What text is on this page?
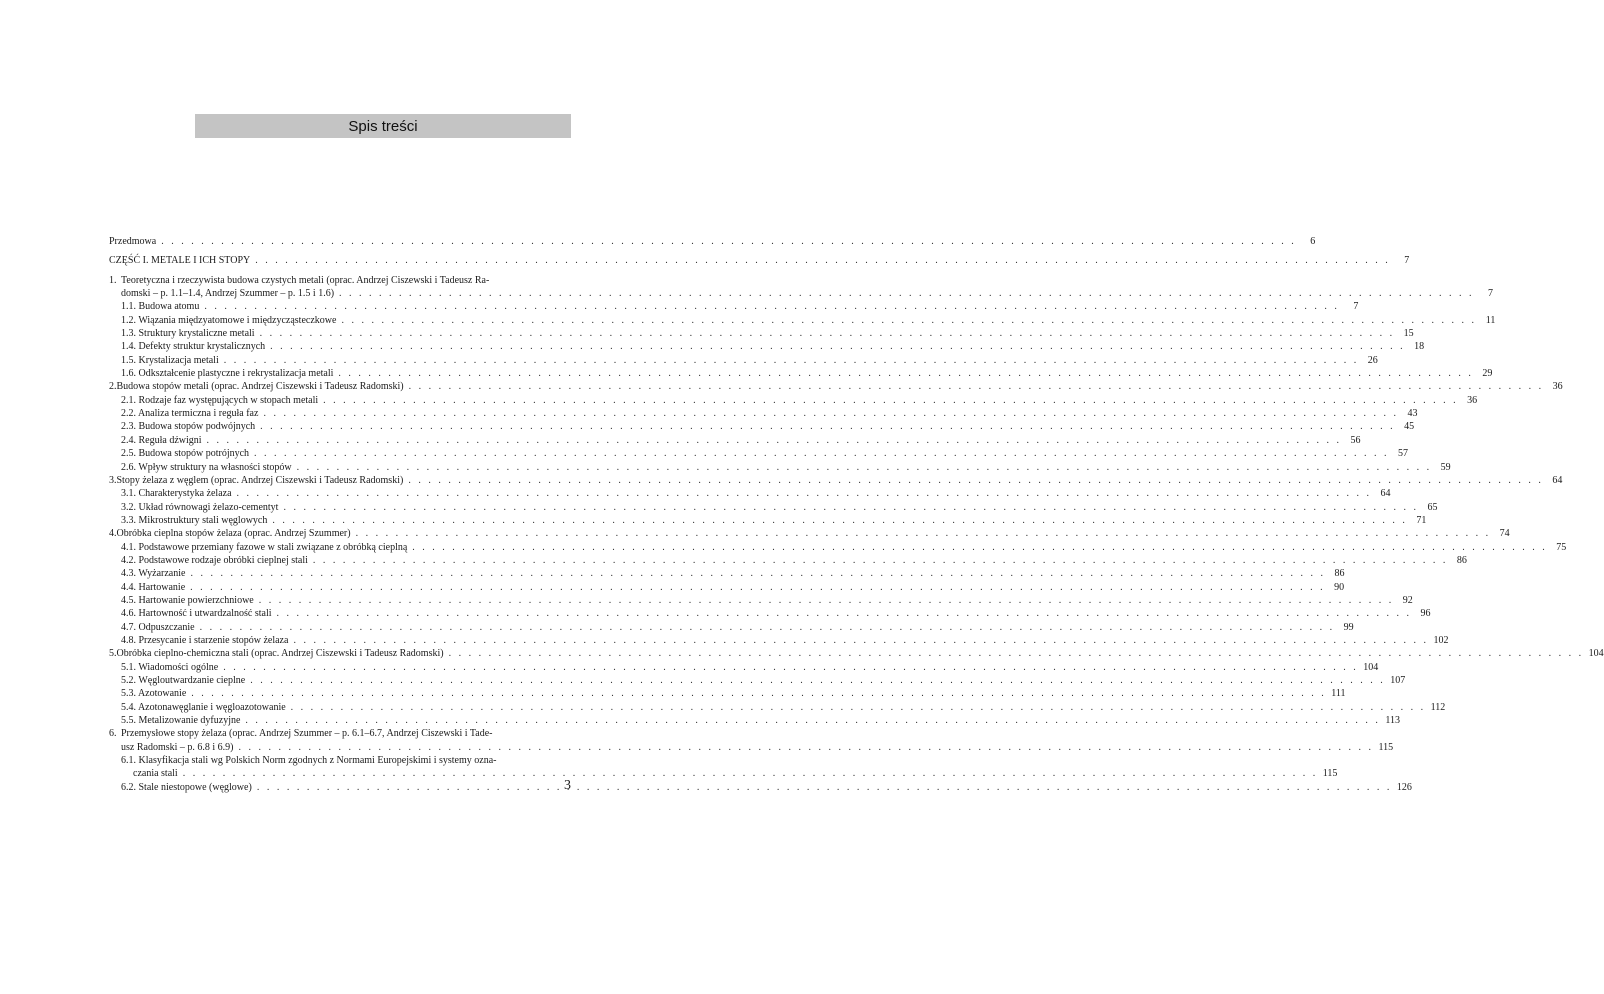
Spis treści
Przedmowa . . .	6
CZĘŚĆ I. METALE I ICH STOPY . . .	7
1. Teoretyczna i rzeczywista budowa czystych metali (oprac. Andrzej Ciszewski i Tadeusz Ra-
domski – p. 1.1–1.4, Andrzej Szummer – p. 1.5 i 1.6) . . .	7
1.1. Budowa atomu . . .	7
1.2. Wiązania międzyatomowe i międzycząsteczkowe . . .	11
1.3. Struktury krystaliczne metali . . .	15
1.4. Defekty struktur krystalicznych . . .	18
1.5. Krystalizacja metali . . .	26
1.6. Odkształcenie plastyczne i rekrystalizacja metali . . .	29
2. Budowa stopów metali (oprac. Andrzej Ciszewski i Tadeusz Radomski) . . .	36
2.1. Rodzaje faz występujących w stopach metali . . .	36
2.2. Analiza termiczna i reguła faz . . .	43
2.3. Budowa stopów podwójnych . . .	45
2.4. Reguła dźwigni . . .	56
2.5. Budowa stopów potrójnych . . .	57
2.6. Wpływ struktury na własności stopów . . .	59
3. Stopy żelaza z węglem (oprac. Andrzej Ciszewski i Tadeusz Radomski) . . .	64
3.1. Charakterystyka żelaza . . .	64
3.2. Układ równowagi żelazo-cementyt . . .	65
3.3. Mikrostruktury stali węglowych . . .	71
4. Obróbka cieplna stopów żelaza (oprac. Andrzej Szummer) . . .	74
4.1. Podstawowe przemiany fazowe w stali związane z obróbką cieplną . . .	75
4.2. Podstawowe rodzaje obróbki cieplnej stali . . .	86
4.3. Wyżarzanie . . .	86
4.4. Hartowanie . . .	90
4.5. Hartowanie powierzchniowe . . .	92
4.6. Hartowność i utwardzalność stali . . .	96
4.7. Odpuszczanie . . .	99
4.8. Przesycanie i starzenie stopów żelaza . . .	102
5. Obróbka cieplno-chemiczna stali (oprac. Andrzej Ciszewski i Tadeusz Radomski) . . .	104
5.1. Wiadomości ogólne . . .	104
5.2. Węgloutwardzanie cieplne . . .	107
5.3. Azotowanie . . .	111
5.4. Azotonawęglanie i węgloazotowanie . . .	112
5.5. Metalizowanie dyfuzyjne . . .	113
6. Przemysłowe stopy żelaza (oprac. Andrzej Szummer – p. 6.1–6.7, Andrzej Ciszewski i Tade-
usz Radomski – p. 6.8 i 6.9) . . .	115
6.1. Klasyfikacja stali wg Polskich Norm zgodnych z Normami Europejskimi i systemy ozna-
czania stali . . .	115
6.2. Stale niestopowe (węglowe) . . .	126
3
